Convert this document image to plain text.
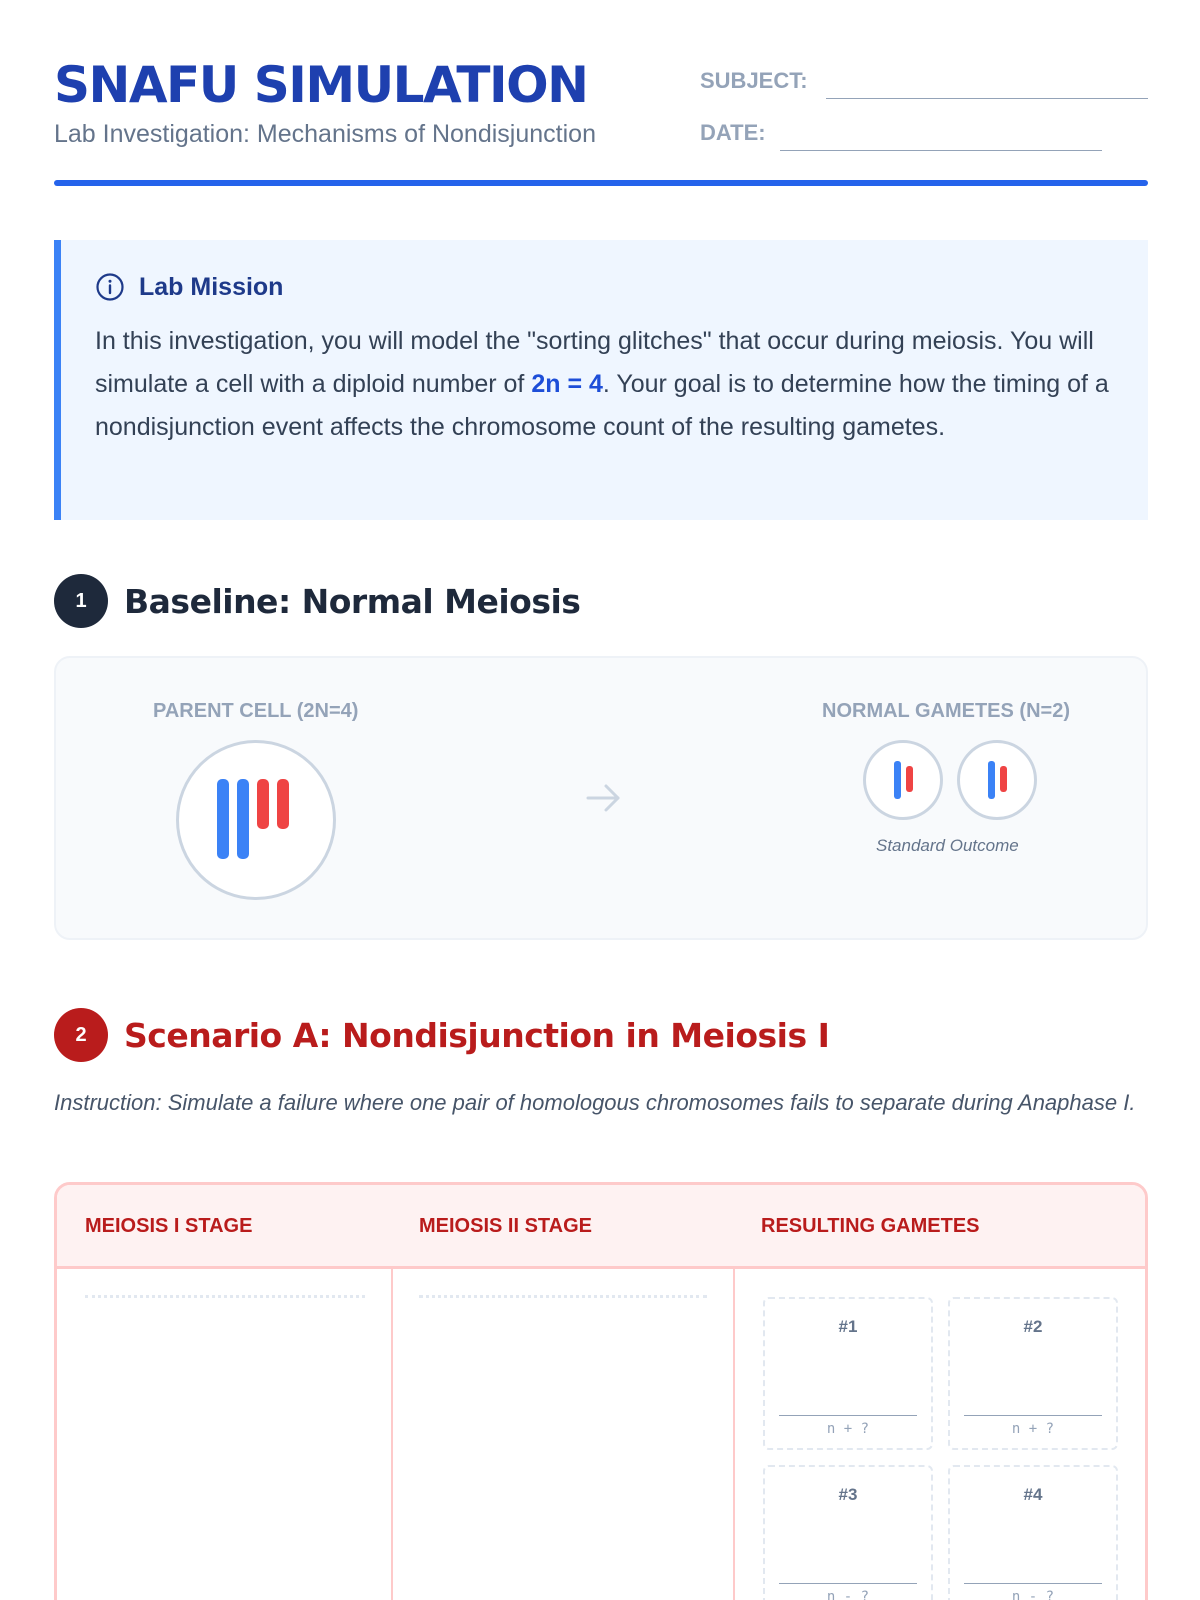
SNAFU SIMULATION
Lab Investigation: Mechanisms of Nondisjunction
SUBJECT:
DATE:
Lab Mission
In this investigation, you will model the "sorting glitches" that occur during meiosis. You will simulate a cell with a diploid number of 2n = 4. Your goal is to determine how the timing of a nondisjunction event affects the chromosome count of the resulting gametes.
1	Baseline: Normal Meiosis
PARENT CELL (2N=4)	NORMAL GAMETES (N=2)
Standard Outcome
2	Scenario A: Nondisjunction in Meiosis I
Instruction: Simulate a failure where one pair of homologous chromosomes fails to separate during Anaphase I.
MEIOSIS I STAGE	MEIOSIS II STAGE	RESULTING GAMETES
#1
n + ?
#2
n + ?
#3
n - ?
#4
n - ?
